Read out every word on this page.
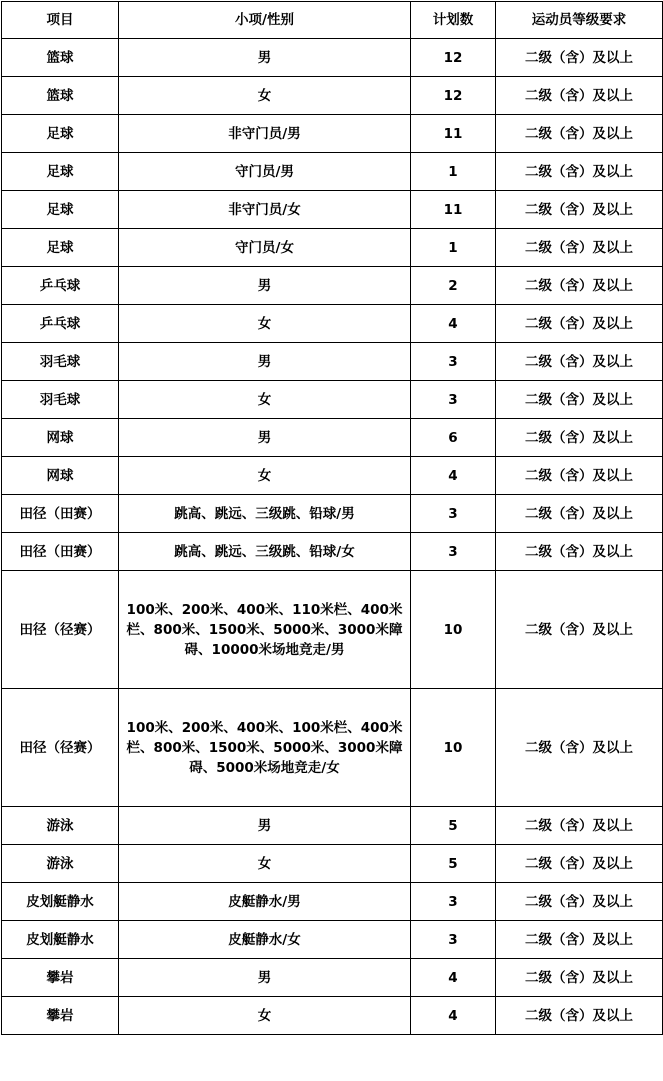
项目	小项/性别	计划数	运动员等级要求
篮球	男	12	二级（含）及以上
篮球	女	12	二级（含）及以上
足球	非守门员/男	11	二级（含）及以上
足球	守门员/男	1	二级（含）及以上
足球	非守门员/女	11	二级（含）及以上
足球	守门员/女	1	二级（含）及以上
乒乓球	男	2	二级（含）及以上
乒乓球	女	4	二级（含）及以上
羽毛球	男	3	二级（含）及以上
羽毛球	女	3	二级（含）及以上
网球	男	6	二级（含）及以上
网球	女	4	二级（含）及以上
田径（田赛）	跳高、跳远、三级跳、铅球/男	3	二级（含）及以上
田径（田赛）	跳高、跳远、三级跳、铅球/女	3	二级（含）及以上
田径（径赛）	100米、200米、400米、110米栏、400米栏、800米、1500米、5000米、3000米障碍、10000米场地竞走/男	10	二级（含）及以上
田径（径赛）	100米、200米、400米、100米栏、400米栏、800米、1500米、5000米、3000米障碍、5000米场地竞走/女	10	二级（含）及以上
游泳	男	5	二级（含）及以上
游泳	女	5	二级（含）及以上
皮划艇静水	皮艇静水/男	3	二级（含）及以上
皮划艇静水	皮艇静水/女	3	二级（含）及以上
攀岩	男	4	二级（含）及以上
攀岩	女	4	二级（含）及以上
